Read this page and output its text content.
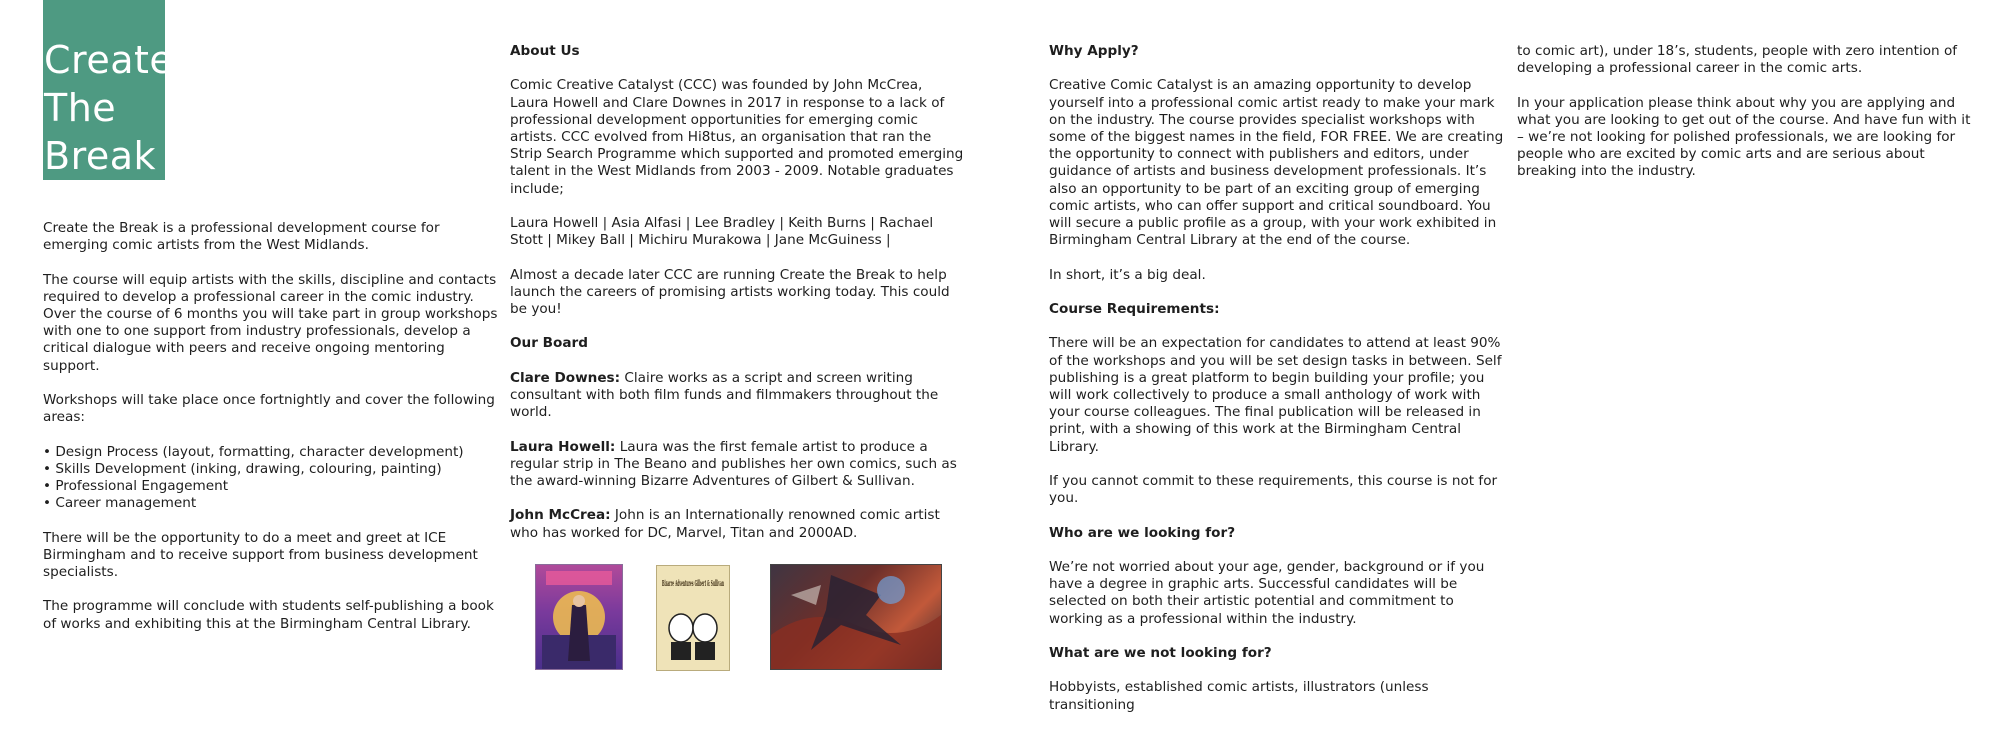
Create
The
Break

Create the Break is a professional development course for emerging comic artists from the West Midlands.

The course will equip artists with the skills, discipline and contacts required to develop a professional career in the comic industry. Over the course of 6 months you will take part in group workshops with one to one support from industry professionals, develop a critical dialogue with peers and receive ongoing mentoring support.

Workshops will take place once fortnightly and cover the following areas:

• Design Process (layout, formatting, character development)
• Skills Development (inking, drawing, colouring, painting)
• Professional Engagement
• Career management

There will be the opportunity to do a meet and greet at ICE Birmingham and to receive support from business development specialists.

The programme will conclude with students self-publishing a book of works and exhibiting this at the Birmingham Central Library.

About Us

Comic Creative Catalyst (CCC) was founded by John McCrea, Laura Howell and Clare Downes in 2017 in response to a lack of professional development opportunities for emerging comic artists. CCC evolved from Hi8tus, an organisation that ran the Strip Search Programme which supported and promoted emerging talent in the West Midlands from 2003 - 2009. Notable graduates include;

Laura Howell | Asia Alfasi | Lee Bradley | Keith Burns | Rachael Stott | Mikey Ball | Michiru Murakowa | Jane McGuiness |

Almost a decade later CCC are running Create the Break to help launch the careers of promising artists working today. This could be you!

Our Board

Clare Downes: Claire works as a script and screen writing consultant with both film funds and filmmakers throughout the world.

Laura Howell: Laura was the first female artist to produce a regular strip in The Beano and publishes her own comics, such as the award-winning Bizarre Adventures of Gilbert & Sullivan.

John McCrea: John is an Internationally renowned comic artist who has worked for DC, Marvel, Titan and 2000AD.

Bizarre Adventures Gilbert & Sullivan

Why Apply?

Creative Comic Catalyst is an amazing opportunity to develop yourself into a professional comic artist ready to make your mark on the industry. The course provides specialist workshops with some of the biggest names in the field, FOR FREE. We are creating the opportunity to connect with publishers and editors, under guidance of artists and business development professionals. It’s also an opportunity to be part of an exciting group of emerging comic artists, who can offer support and critical soundboard. You will secure a public profile as a group, with your work exhibited in Birmingham Central Library at the end of the course.

In short, it’s a big deal.

Course Requirements:

There will be an expectation for candidates to attend at least 90% of the workshops and you will be set design tasks in between. Self publishing is a great platform to begin building your profile; you will work collectively to produce a small anthology of work with your course colleagues. The final publication will be released in print, with a showing of this work at the Birmingham Central Library.

If you cannot commit to these requirements, this course is not for you.

Who are we looking for?

We’re not worried about your age, gender, background or if you have a degree in graphic arts. Successful candidates will be selected on both their artistic potential and commitment to working as a professional within the industry.

What are we not looking for?

Hobbyists, established comic artists, illustrators (unless transitioning

to comic art), under 18’s, students, people with zero intention of developing a professional career in the comic arts.

In your application please think about why you are applying and what you are looking to get out of the course. And have fun with it – we’re not looking for polished professionals, we are looking for people who are excited by comic arts and are serious about breaking into the industry.
